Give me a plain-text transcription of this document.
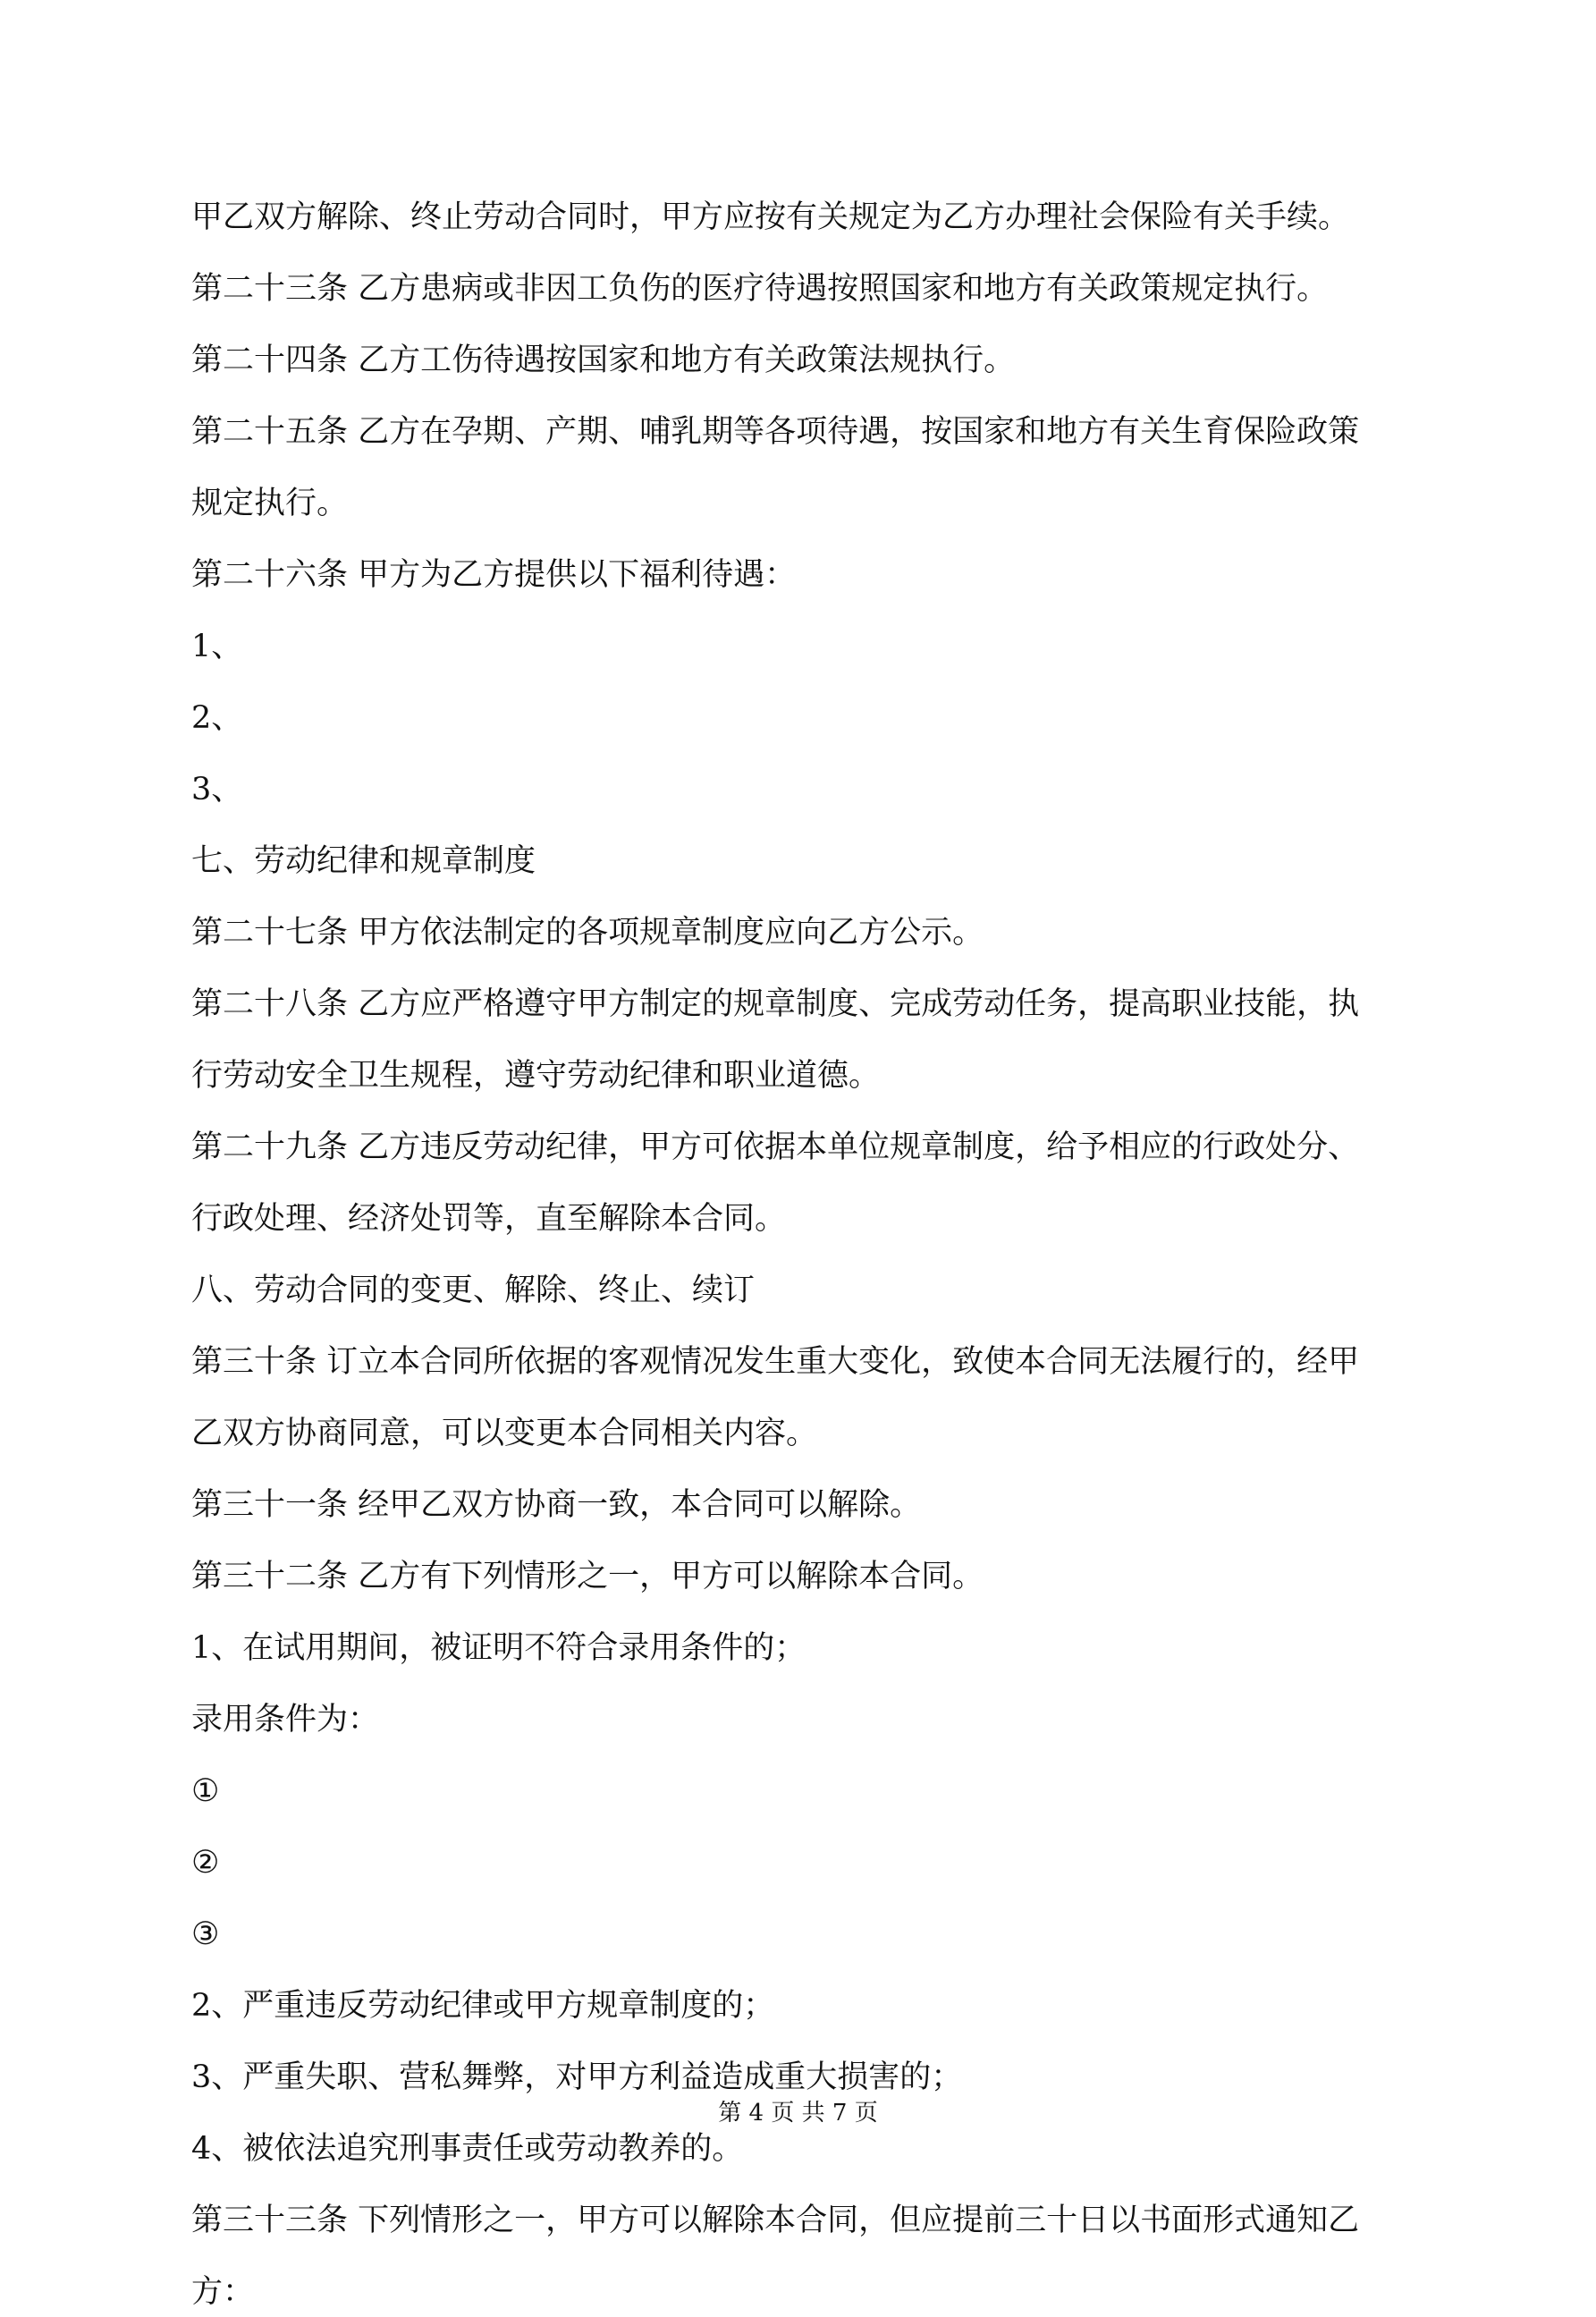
甲乙双方解除、终止劳动合同时，甲方应按有关规定为乙方办理社会保险有关手续。

第二十三条 乙方患病或非因工负伤的医疗待遇按照国家和地方有关政策规定执行。

第二十四条 乙方工伤待遇按国家和地方有关政策法规执行。

第二十五条 乙方在孕期、产期、哺乳期等各项待遇，按国家和地方有关生育保险政策

规定执行。

第二十六条 甲方为乙方提供以下福利待遇：

1、

2、

3、

七、劳动纪律和规章制度

第二十七条 甲方依法制定的各项规章制度应向乙方公示。

第二十八条 乙方应严格遵守甲方制定的规章制度、完成劳动任务，提高职业技能，执

行劳动安全卫生规程，遵守劳动纪律和职业道德。

第二十九条 乙方违反劳动纪律，甲方可依据本单位规章制度，给予相应的行政处分、

行政处理、经济处罚等，直至解除本合同。

八、劳动合同的变更、解除、终止、续订

第三十条 订立本合同所依据的客观情况发生重大变化，致使本合同无法履行的，经甲

乙双方协商同意，可以变更本合同相关内容。

第三十一条 经甲乙双方协商一致，本合同可以解除。

第三十二条 乙方有下列情形之一，甲方可以解除本合同。

1、在试用期间，被证明不符合录用条件的；

录用条件为：

①

②

③

2、严重违反劳动纪律或甲方规章制度的；

3、严重失职、营私舞弊，对甲方利益造成重大损害的；

4、被依法追究刑事责任或劳动教养的。

第三十三条 下列情形之一，甲方可以解除本合同，但应提前三十日以书面形式通知乙

方：

第 4 页 共 7 页
